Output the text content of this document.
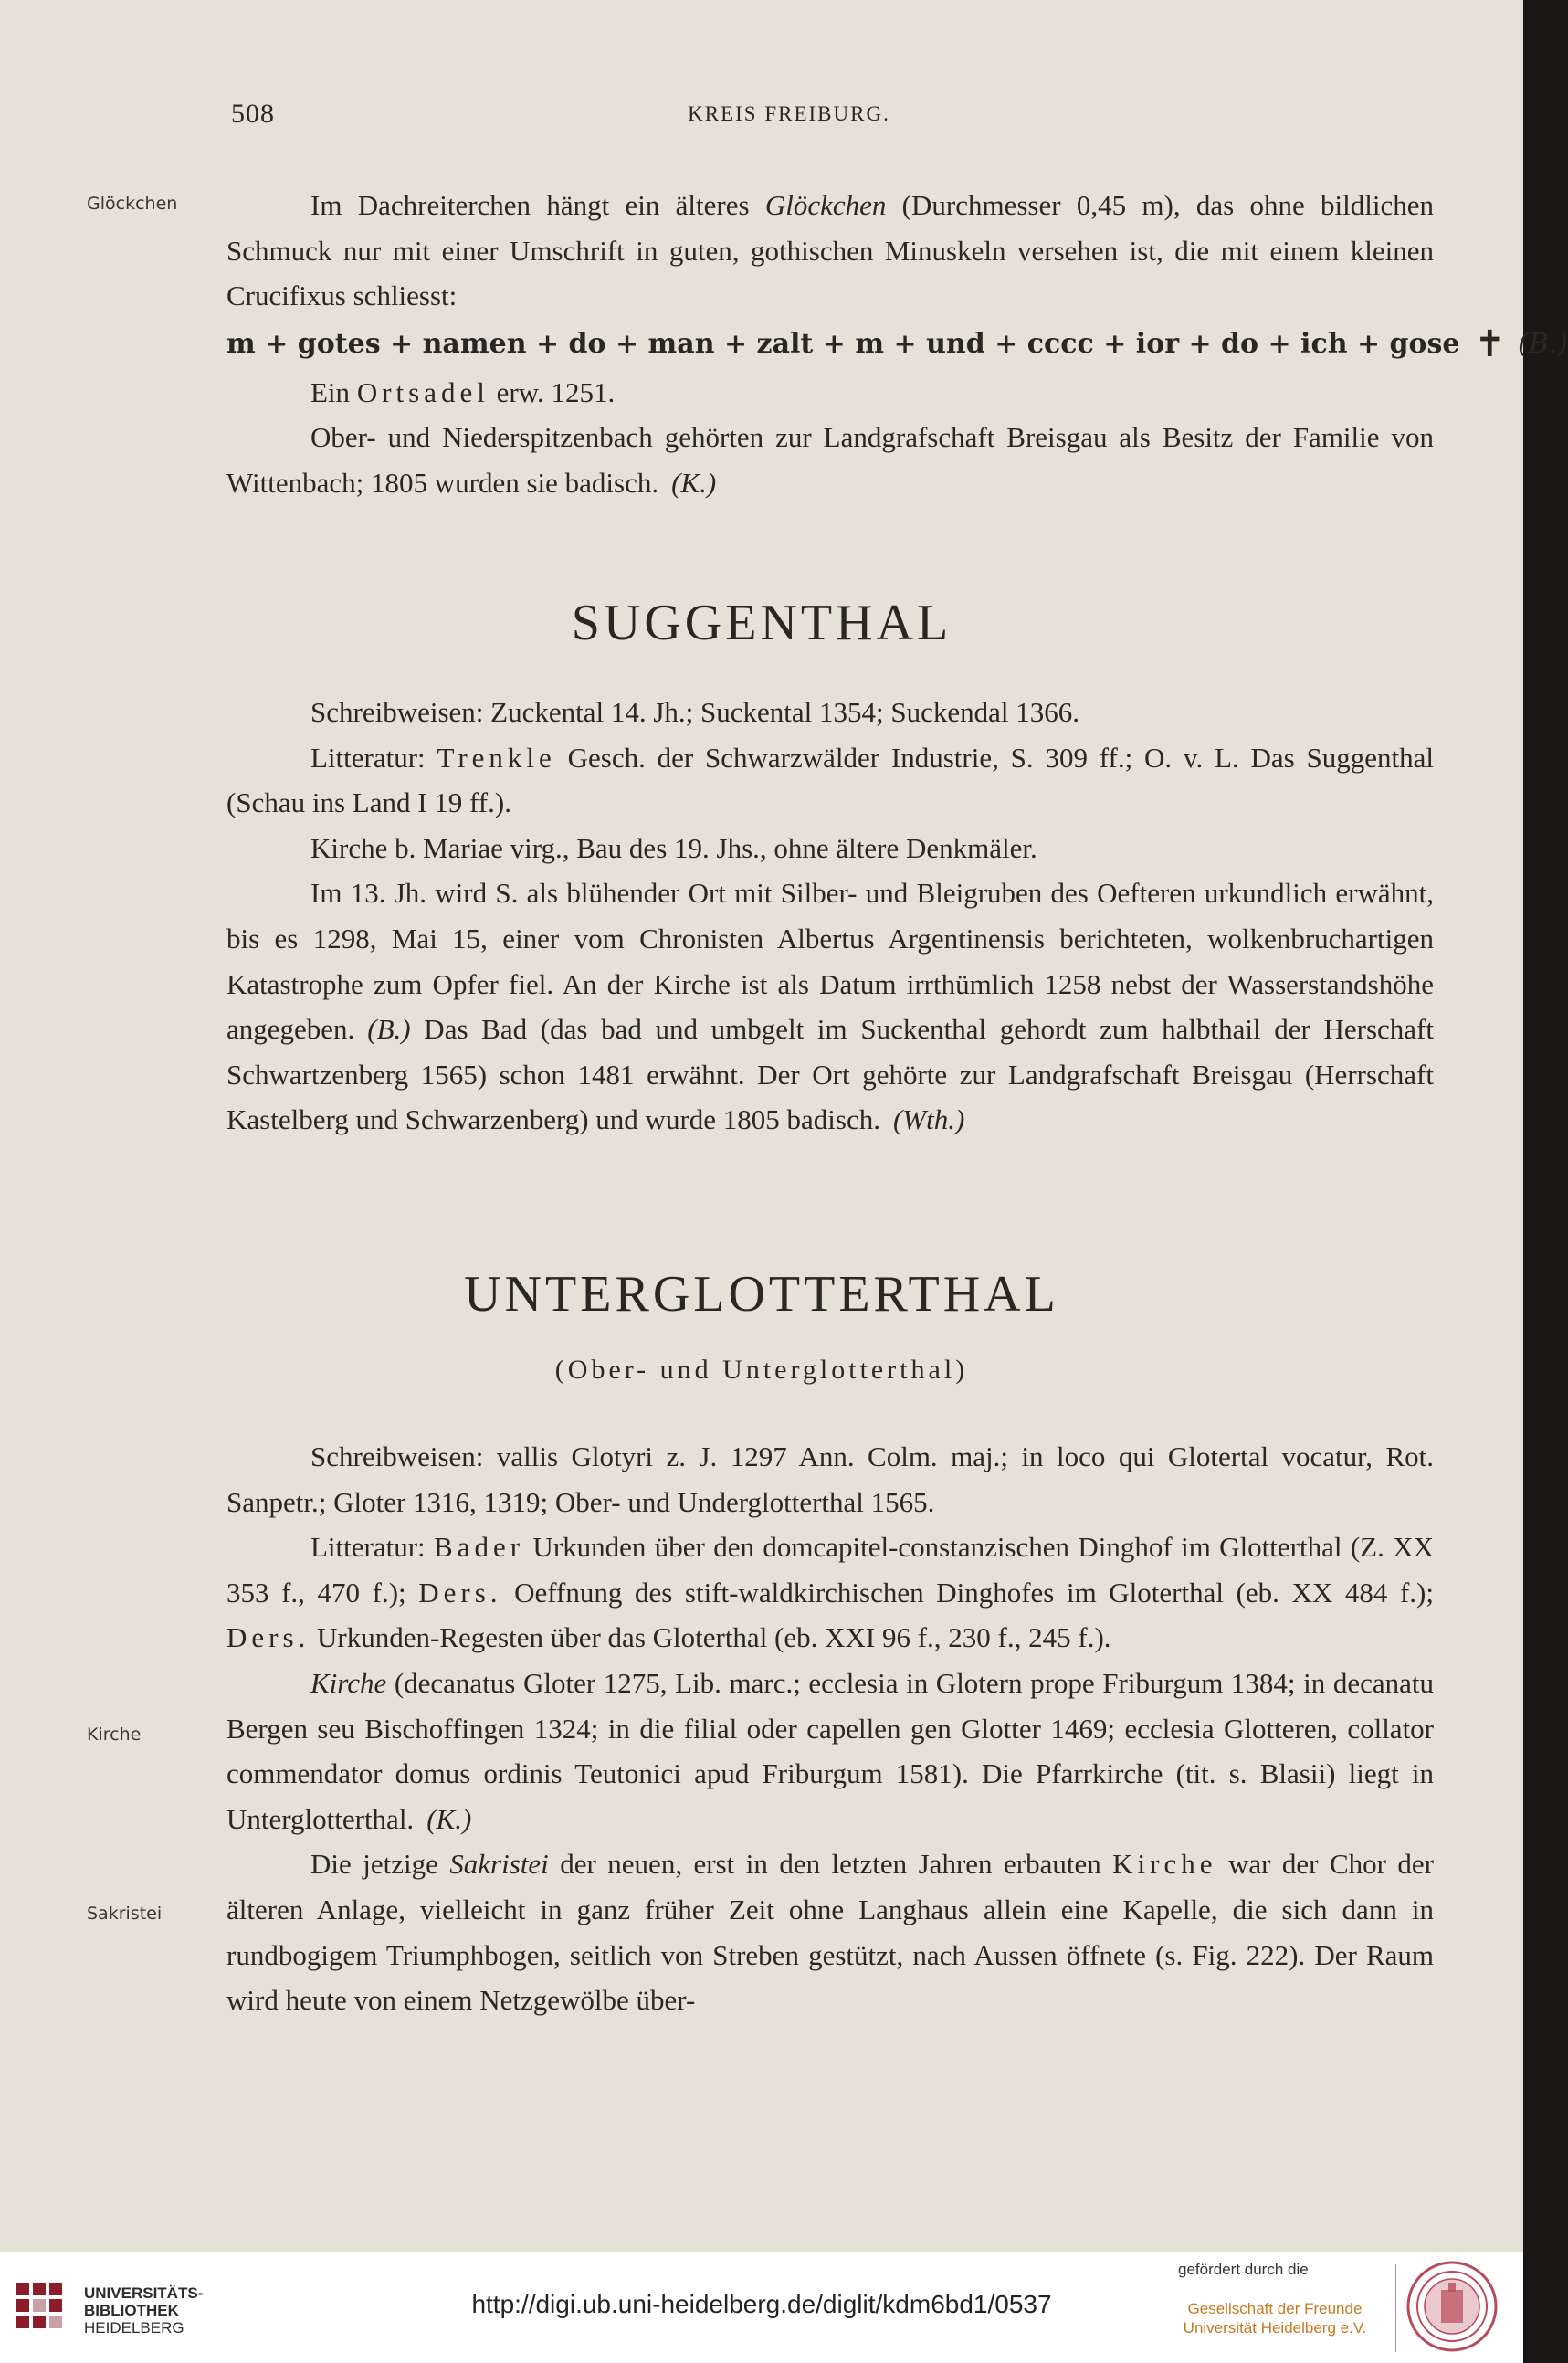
508	KREIS FREIBURG.
Glöckchen	Im Dachreiterchen hängt ein älteres Glöckchen (Durchmesser 0,45 m), das ohne bildlichen Schmuck nur mit einer Umschrift in guten, gothischen Minuskeln versehen ist, die mit einem kleinen Crucifixus schliesst:

m + gotes + namen + do + man + zalt + m + und + cccc + ior + do + ich + gose ✝ (B.)

Ein Ortsadel erw. 1251.

Ober- und Niederspitzenbach gehörten zur Landgrafschaft Breisgau als Besitz der Familie von Wittenbach; 1805 wurden sie badisch. (K.)

SUGGENTHAL

Schreibweisen: Zuckental 14. Jh.; Suckental 1354; Suckendal 1366.

Litteratur: Trenkle Gesch. der Schwarzwälder Industrie, S. 309 ff.; O. v. L. Das Suggenthal (Schau ins Land I 19 ff.).

Kirche b. Mariae virg., Bau des 19. Jhs., ohne ältere Denkmäler.

Im 13. Jh. wird S. als blühender Ort mit Silber- und Bleigruben des Oefteren urkundlich erwähnt, bis es 1298, Mai 15, einer vom Chronisten Albertus Argentinensis berichteten, wolkenbruchartigen Katastrophe zum Opfer fiel. An der Kirche ist als Datum irrthümlich 1258 nebst der Wasserstandshöhe angegeben. (B.) Das Bad (das bad und umbgelt im Suckenthal gehordt zum halbthail der Herschaft Schwartzenberg 1565) schon 1481 erwähnt. Der Ort gehörte zur Landgrafschaft Breisgau (Herrschaft Kastelberg und Schwarzenberg) und wurde 1805 badisch. (Wth.)

UNTERGLOTTERTHAL
(Ober- und Unterglotterthal)
Kirche
Sakristei

Schreibweisen: vallis Glotyri z. J. 1297 Ann. Colm. maj.; in loco qui Glotertal vocatur, Rot. Sanpetr.; Gloter 1316, 1319; Ober- und Underglotterthal 1565.

Litteratur: Bader Urkunden über den domcapitel-constanzischen Dinghof im Glotterthal (Z. XX 353 f., 470 f.); Ders. Oeffnung des stift-waldkirchischen Dinghofes im Gloterthal (eb. XX 484 f.); Ders. Urkunden-Regesten über das Gloterthal (eb. XXI 96 f., 230 f., 245 f.).

Kirche (decanatus Gloter 1275, Lib. marc.; ecclesia in Glotern prope Friburgum 1384; in decanatu Bergen seu Bischoffingen 1324; in die filial oder capellen gen Glotter 1469; ecclesia Glotteren, collator commendator domus ordinis Teutonici apud Friburgum 1581). Die Pfarrkirche (tit. s. Blasii) liegt in Unterglotterthal. (K.)

Die jetzige Sakristei der neuen, erst in den letzten Jahren erbauten Kirche war der Chor der älteren Anlage, vielleicht in ganz früher Zeit ohne Langhaus allein eine Kapelle, die sich dann in rundbogigem Triumphbogen, seitlich von Streben gestützt, nach Aussen öffnete (s. Fig. 222). Der Raum wird heute von einem Netzgewölbe über-

UNIVERSITÄTS-
BIBLIOTHEK
HEIDELBERG
http://digi.ub.uni-heidelberg.de/diglit/kdm6bd1/0537
gefördert durch die
Gesellschaft der Freunde
Universität Heidelberg e.V.
